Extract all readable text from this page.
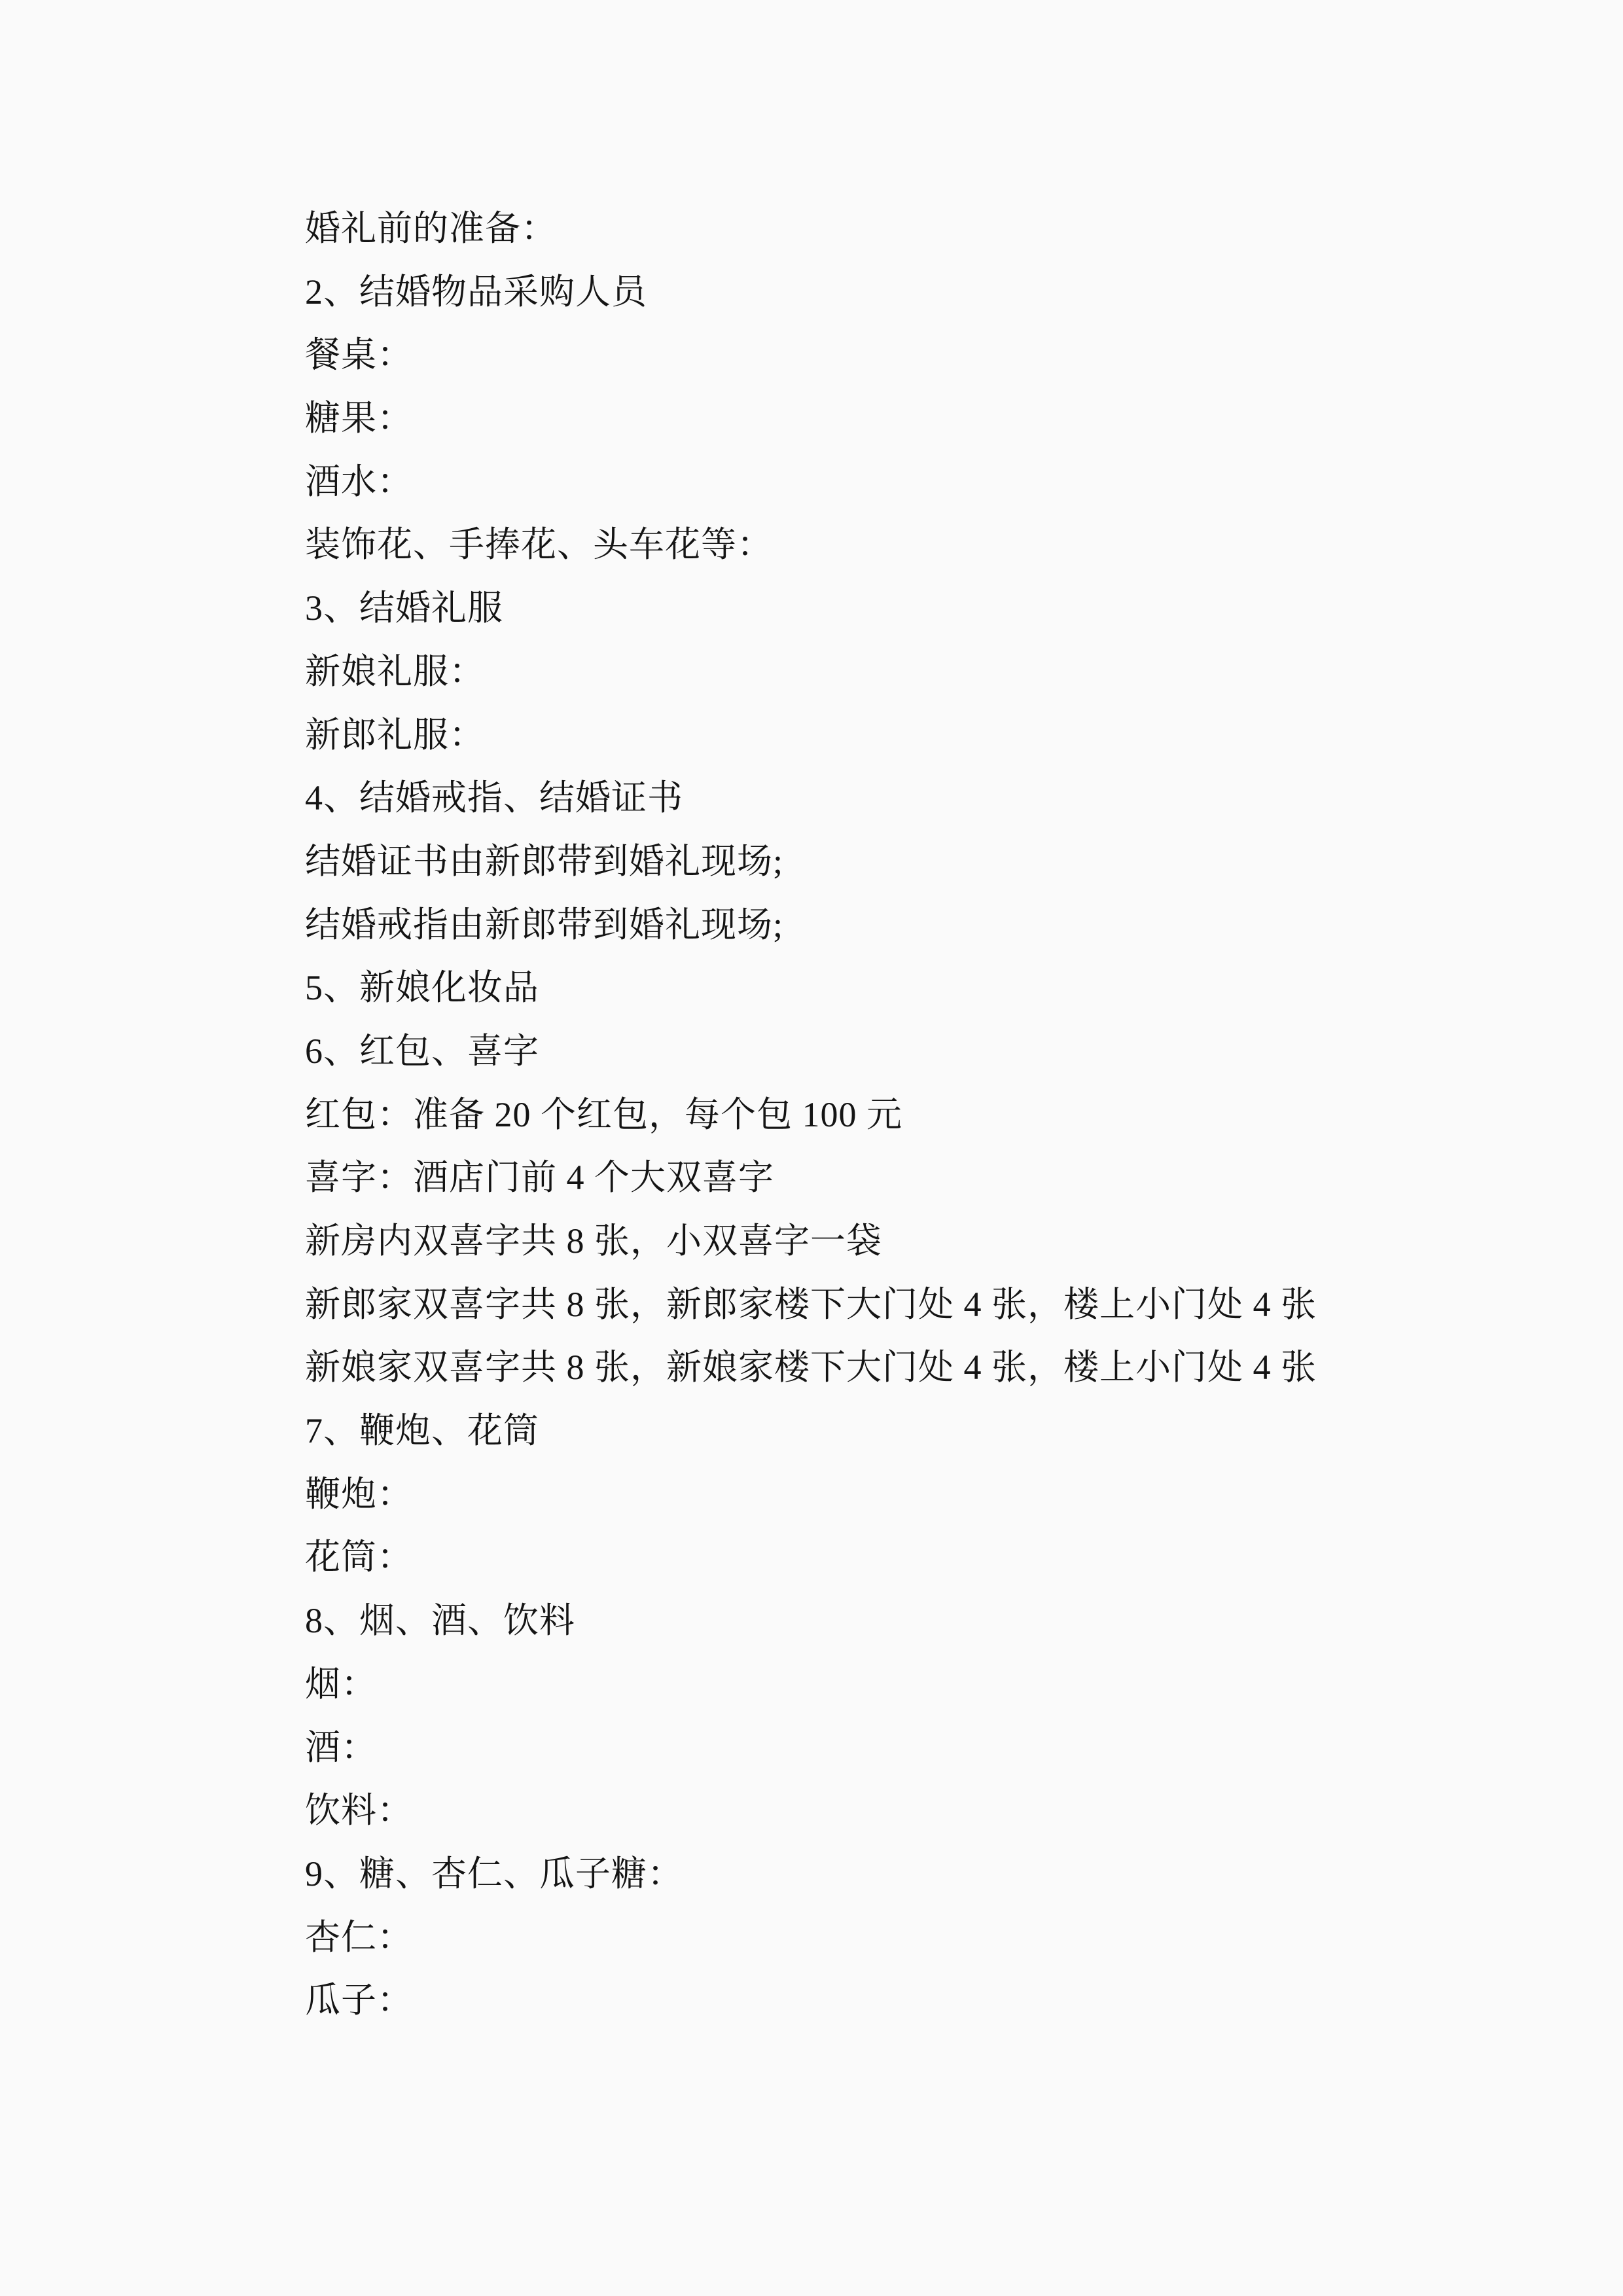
婚礼前的准备：
2、结婚物品采购人员
餐桌：
糖果：
酒水：
装饰花、手捧花、头车花等：
3、结婚礼服
新娘礼服：
新郎礼服：
4、结婚戒指、结婚证书
结婚证书由新郎带到婚礼现场;
结婚戒指由新郎带到婚礼现场;
5、新娘化妆品
6、红包、喜字
红包：准备 20 个红包，每个包 100 元
喜字：酒店门前 4 个大双喜字
新房内双喜字共 8 张，小双喜字一袋
新郎家双喜字共 8 张，新郎家楼下大门处 4 张，楼上小门处 4 张
新娘家双喜字共 8 张，新娘家楼下大门处 4 张，楼上小门处 4 张
7、鞭炮、花筒
鞭炮：
花筒：
8、烟、酒、饮料
烟：
酒：
饮料：
9、糖、杏仁、瓜子糖：
杏仁：
瓜子：
